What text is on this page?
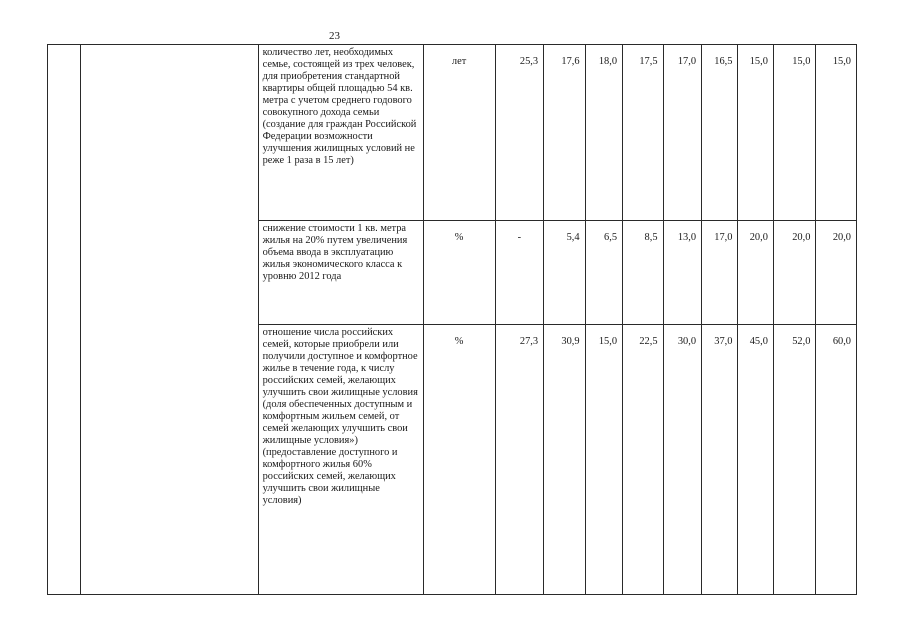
23
		количество лет, необходимых семье, состоящей из трех человек, для приобретения стандартной квартиры общей площадью 54 кв. метра с учетом среднего годового совокупного дохода семьи (создание для граждан Российской Федерации возможности улучшения жилищных условий не реже 1 раза в 15 лет)	лет	25,3	17,6	18,0	17,5	17,0	16,5	15,0	15,0	15,0
		снижение стоимости 1 кв. метра жилья на 20% путем увеличения объема ввода в эксплуатацию жилья экономического класса к уровню 2012 года	%	-	5,4	6,5	8,5	13,0	17,0	20,0	20,0	20,0
		отношение числа российских семей, которые приобрели или получили доступное и комфортное жилье в течение года, к числу российских семей, желающих улучшить свои жилищные условия (доля обеспеченных доступным и комфортным жильем семей, от семей желающих улучшить свои жилищные условия») (предоставление доступного и комфортного жилья 60% российских семей, желающих улучшить свои жилищные условия)	%	27,3	30,9	15,0	22,5	30,0	37,0	45,0	52,0	60,0
